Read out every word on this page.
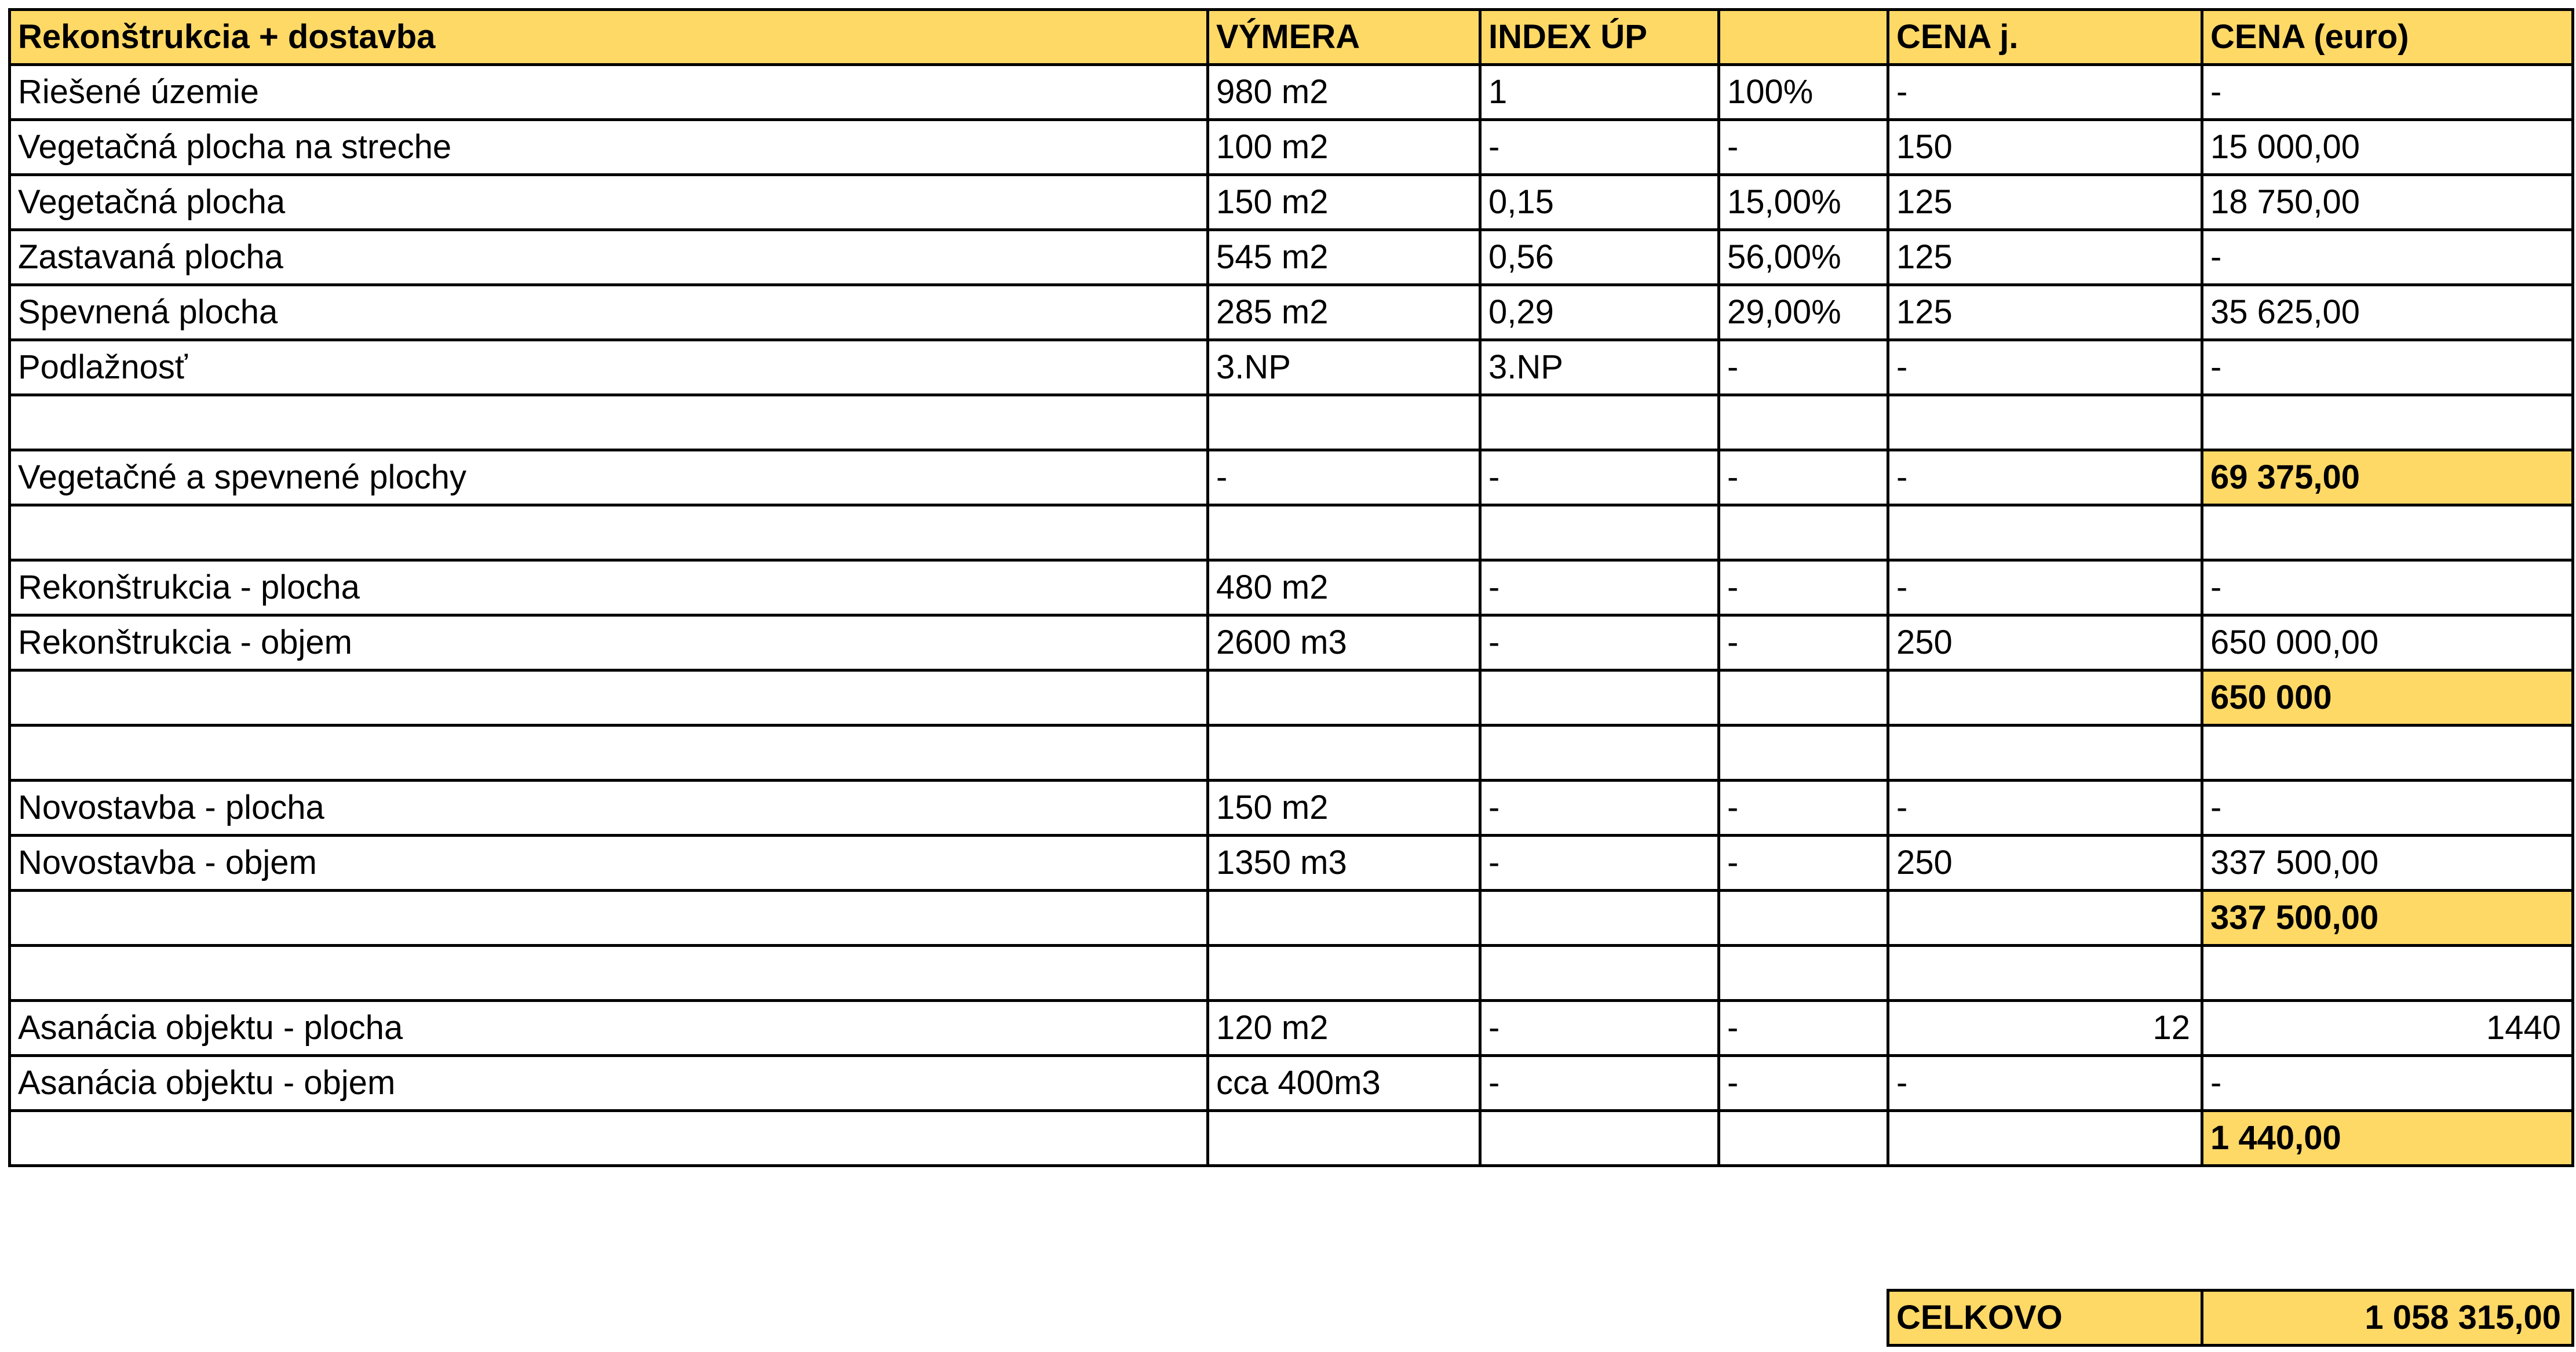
Rekonštrukcia + dostavba	VÝMERA	INDEX ÚP		CENA j.	CENA (euro)
Riešené územie	980 m2	1	100%	-	-
Vegetačná plocha na streche	100 m2	-	-	150	15 000,00
Vegetačná plocha	150 m2	0,15	15,00%	125	18 750,00
Zastavaná plocha	545 m2	0,56	56,00%	125	-
Spevnená plocha	285 m2	0,29	29,00%	125	35 625,00
Podlažnosť	3.NP	3.NP	-	-	-

Vegetačné a spevnené plochy	-	-	-	-	69 375,00

Rekonštrukcia - plocha	480 m2	-	-	-	-
Rekonštrukcia - objem	2600 m3	-	-	250	650 000,00
					650 000

Novostavba - plocha	150 m2	-	-	-	-
Novostavba - objem	1350 m3	-	-	250	337 500,00
					337 500,00

Asanácia objektu - plocha	120 m2	-	-	12	1440
Asanácia objektu - objem	cca 400m3	-	-	-	-
					1 440,00
CELKOVO	1 058 315,00
